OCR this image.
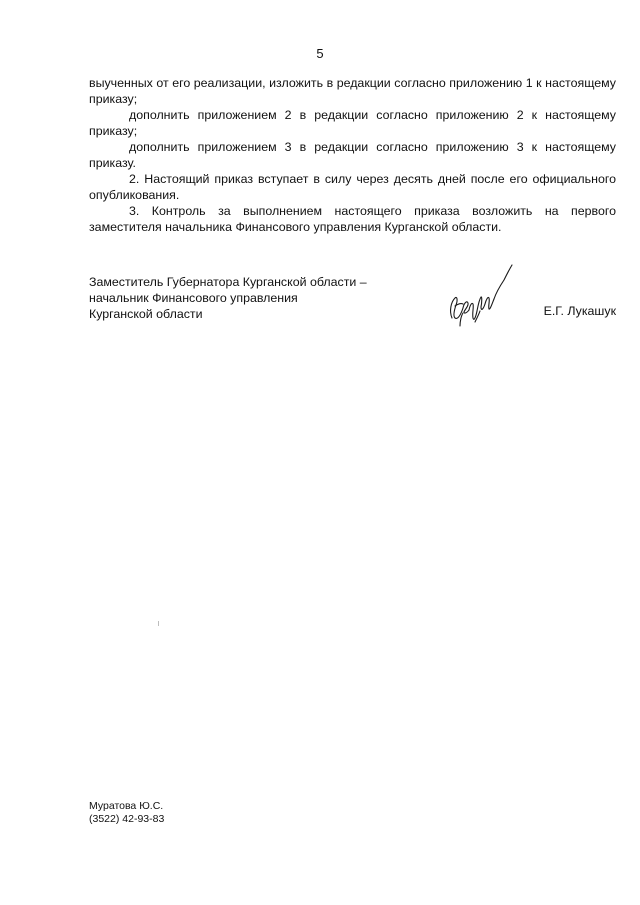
5

выученных от его реализации, изложить в редакции согласно приложению 1 к настоящему приказу;

дополнить приложением 2 в редакции согласно приложению 2 к настоящему приказу;

дополнить приложением 3 в редакции согласно приложению 3 к настоящему приказу.

2. Настоящий приказ вступает в силу через десять дней после его официального опубликования.

3. Контроль за выполнением настоящего приказа возложить на первого заместителя начальника Финансового управления Курганской области.

Заместитель Губернатора Курганской области –
начальник Финансового управления
Курганской области	Е.Г. Лукашук
Муратова Ю.С.
(3522) 42-93-83
